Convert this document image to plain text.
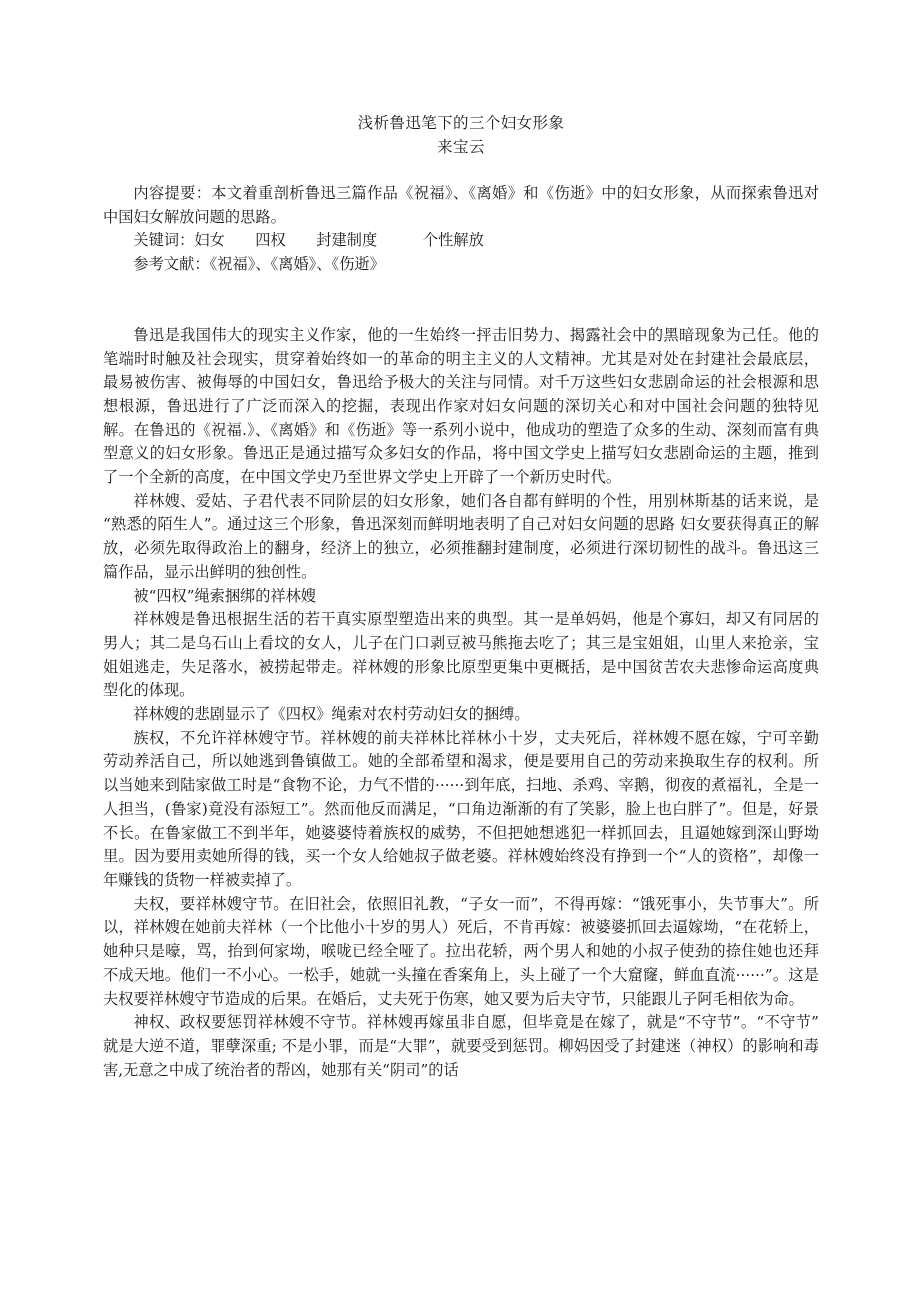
浅析鲁迅笔下的三个妇女形象
来宝云

内容提要：本文着重剖析鲁迅三篇作品《祝福》、《离婚》和《伤逝》中的妇女形象，从而探索鲁迅对中国妇女解放问题的思路。

关键词：妇女　　四权　　封建制度　　　个性解放

参考文献：《祝福》、《离婚》、《伤逝》

鲁迅是我国伟大的现实主义作家，他的一生始终一抨击旧势力、揭露社会中的黑暗现象为己任。他的笔端时时触及社会现实，贯穿着始终如一的革命的明主主义的人文精神。尤其是对处在封建社会最底层，最易被伤害、被侮辱的中国妇女，鲁迅给予极大的关注与同情。对千万这些妇女悲剧命运的社会根源和思想根源，鲁迅进行了广泛而深入的挖掘，表现出作家对妇女问题的深切关心和对中国社会问题的独特见解。在鲁迅的《祝福.》、《离婚》和《伤逝》等一系列小说中，他成功的塑造了众多的生动、深刻而富有典型意义的妇女形象。鲁迅正是通过描写众多妇女的作品，将中国文学史上描写妇女悲剧命运的主题，推到了一个全新的高度，在中国文学史乃至世界文学史上开辟了一个新历史时代。

祥林嫂、爱姑、子君代表不同阶层的妇女形象，她们各自都有鲜明的个性，用别林斯基的话来说，是“熟悉的陌生人”。通过这三个形象，鲁迅深刻而鲜明地表明了自己对妇女问题的思路 妇女要获得真正的解放，必须先取得政治上的翻身，经济上的独立，必须推翻封建制度，必须进行深切韧性的战斗。鲁迅这三篇作品，显示出鲜明的独创性。

被“四权”绳索捆绑的祥林嫂

祥林嫂是鲁迅根据生活的若干真实原型塑造出来的典型。其一是单妈妈，他是个寡妇，却又有同居的男人；其二是乌石山上看坟的女人，儿子在门口剥豆被马熊拖去吃了；其三是宝姐姐，山里人来抢亲，宝姐姐逃走，失足落水，被捞起带走。祥林嫂的形象比原型更集中更概括，是中国贫苦农夫悲惨命运高度典型化的体现。

祥林嫂的悲剧显示了《四权》绳索对农村劳动妇女的捆缚。

族权，不允许祥林嫂守节。祥林嫂的前夫祥林比祥林小十岁，丈夫死后，祥林嫂不愿在嫁，宁可辛勤劳动养活自己，所以她逃到鲁镇做工。她的全部希望和渴求，便是要用自己的劳动来换取生存的权利。所以当她来到陆家做工时是“食物不论，力气不惜的······到年底，扫地、杀鸡、宰鹅，彻夜的煮福礼，全是一人担当，(鲁家)竟没有添短工”。然而他反而满足，“口角边渐渐的有了笑影，脸上也白胖了”。但是，好景不长。在鲁家做工不到半年，她婆婆恃着族权的威势，不但把她想逃犯一样抓回去，且逼她嫁到深山野坳里。因为要用卖她所得的钱，买一个女人给她叔子做老婆。祥林嫂始终没有挣到一个“人的资格”，却像一年赚钱的货物一样被卖掉了。

夫权，要祥林嫂守节。在旧社会，依照旧礼教，“子女一而”，不得再嫁：“饿死事小，失节事大”。所以，祥林嫂在她前夫祥林（一个比他小十岁的男人）死后，不肯再嫁：被婆婆抓回去逼嫁坳，“在花轿上，她种只是嚎，骂，抬到何家坳，喉咙已经全哑了。拉出花轿，两个男人和她的小叔子使劲的捺住她也还拜不成天地。他们一不小心。一松手，她就一头撞在香案角上，头上碰了一个大窟窿，鲜血直流······”。这是夫权要祥林嫂守节造成的后果。在婚后，丈夫死于伤寒，她又要为后夫守节，只能跟儿子阿毛相依为命。

神权、政权要惩罚祥林嫂不守节。祥林嫂再嫁虽非自愿，但毕竟是在嫁了，就是“不守节”。“不守节”就是大逆不道，罪孽深重; 不是小罪，而是“大罪”，就要受到惩罚。柳妈因受了封建迷（神权）的影响和毒害,无意之中成了统治者的帮凶，她那有关“阴司”的话
